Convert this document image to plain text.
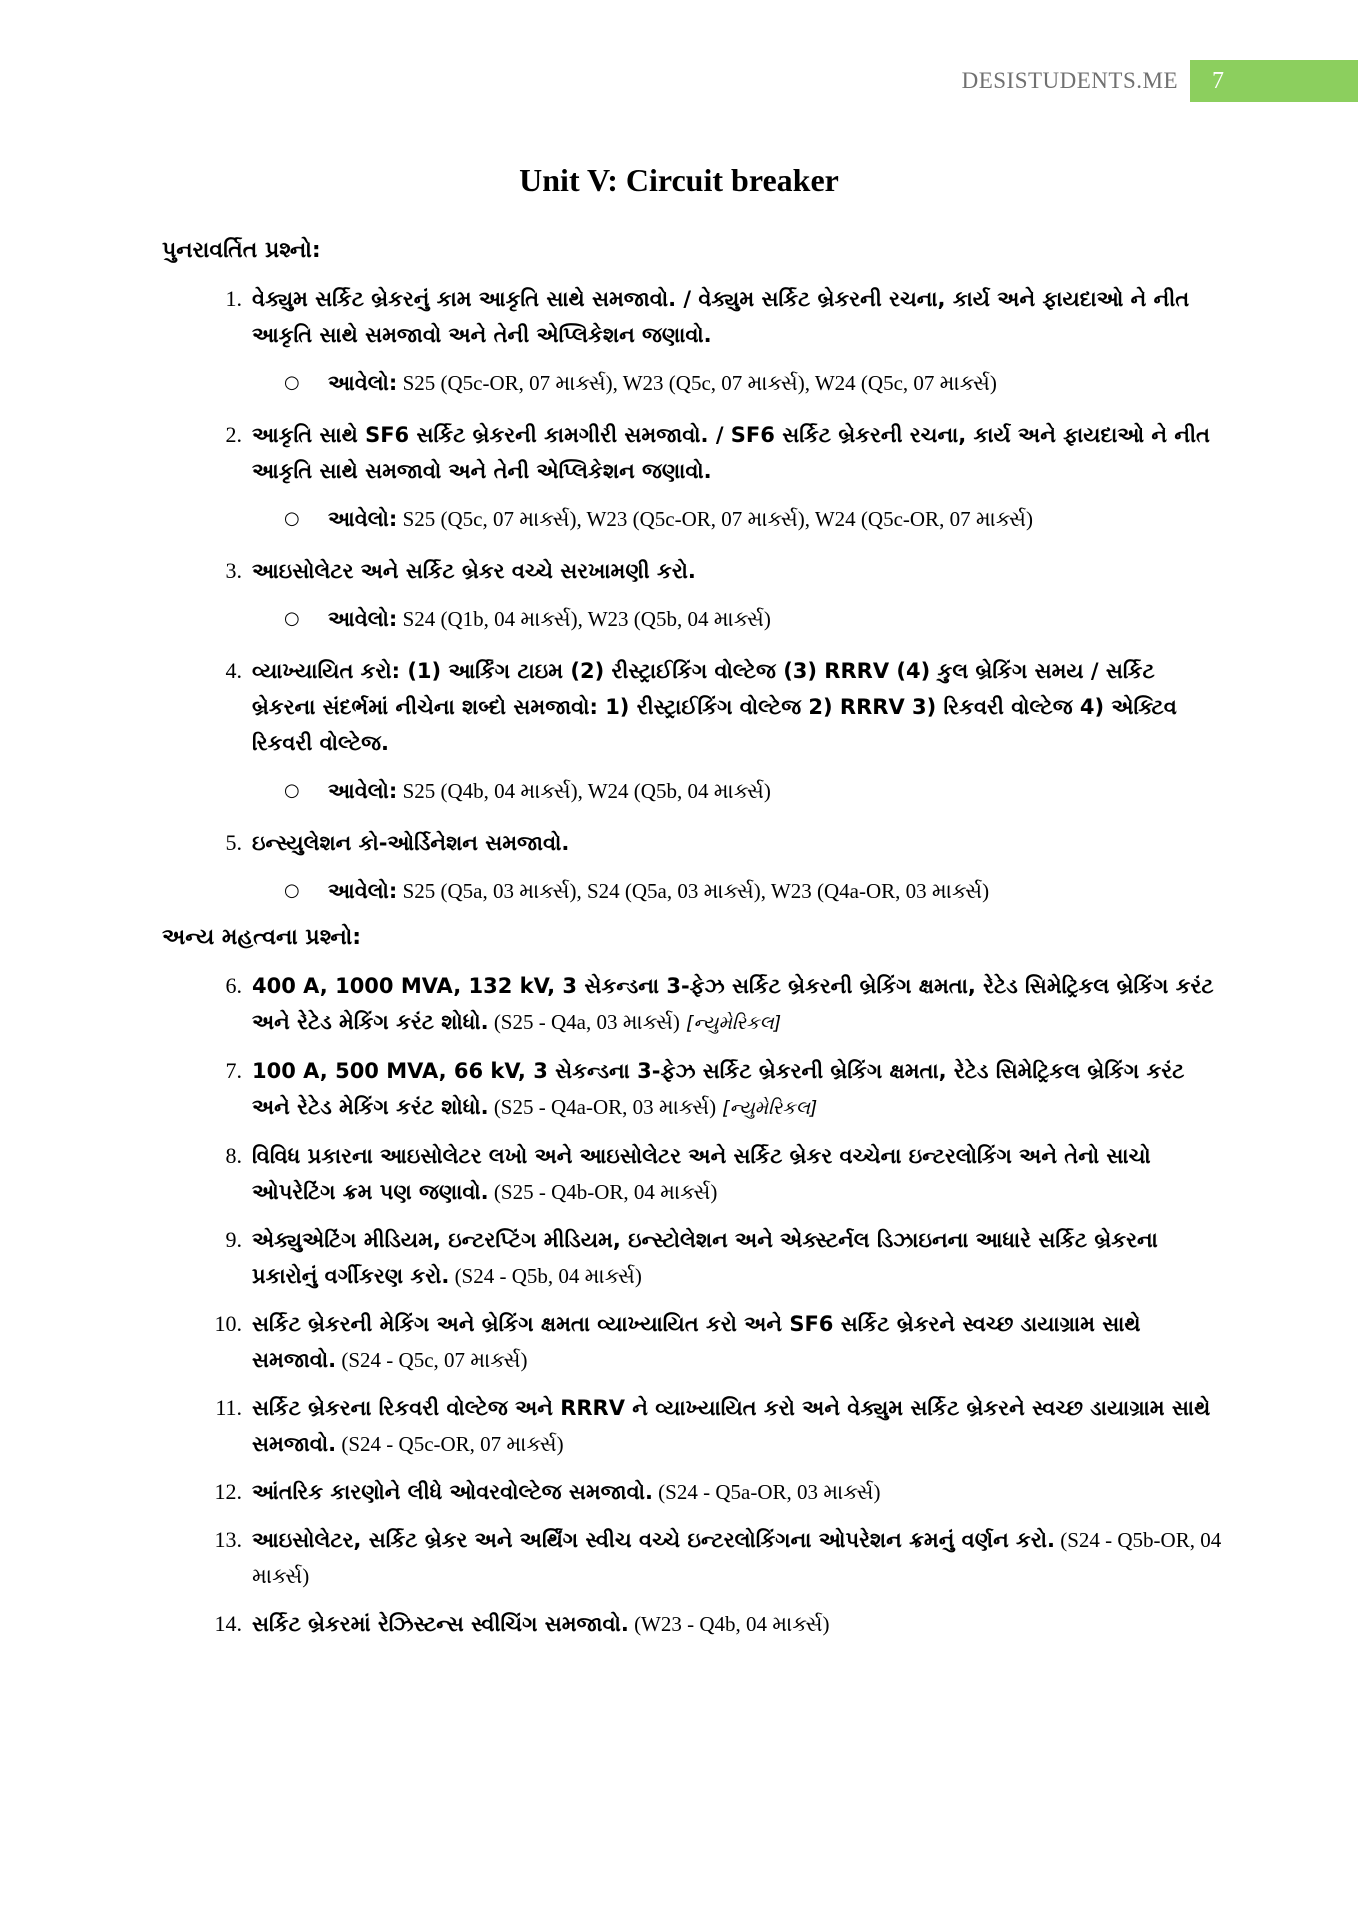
DESISTUDENTS.ME	7
Unit V: Circuit breaker
પુનરાવર્તિત પ્રશ્નો:
1. વેક્યુમ સર્કિટ બ્રેકરનું કામ આકૃતિ સાથે સમજાવો. / વેક્યુમ સર્કિટ બ્રેકરની રચના, કાર્ય અને ફાયદાઓ ને નીત આકૃતિ સાથે સમજાવો અને તેની એપ્લિકેશન જણાવો.
○	આવેલો: S25 (Q5c-OR, 07 માર્ક્સ), W23 (Q5c, 07 માર્ક્સ), W24 (Q5c, 07 માર્ક્સ)
2. આકૃતિ સાથે SF6 સર્કિટ બ્રેકરની કામગીરી સમજાવો. / SF6 સર્કિટ બ્રેકરની રચના, કાર્ય અને ફાયદાઓ ને નીત આકૃતિ સાથે સમજાવો અને તેની એપ્લિકેશન જણાવો.
○	આવેલો: S25 (Q5c, 07 માર્ક્સ), W23 (Q5c-OR, 07 માર્ક્સ), W24 (Q5c-OR, 07 માર્ક્સ)
3. આઇસોલેટર અને સર્કિટ બ્રેકર વચ્ચે સરખામણી કરો.
○	આવેલો: S24 (Q1b, 04 માર્ક્સ), W23 (Q5b, 04 માર્ક્સ)
4. વ્યાખ્યાયિત કરો: (1) આર્કિંગ ટાઇમ (2) રીસ્ટ્રાઈકિંગ વોલ્ટેજ (3) RRRV (4) કુલ બ્રેકિંગ સમય / સર્કિટ બ્રેકરના સંદર્ભમાં નીચેના શબ્દો સમજાવો: 1) રીસ્ટ્રાઈકિંગ વોલ્ટેજ 2) RRRV 3) રિકવરી વોલ્ટેજ 4) એક્ટિવ રિકવરી વોલ્ટેજ.
○	આવેલો: S25 (Q4b, 04 માર્ક્સ), W24 (Q5b, 04 માર્ક્સ)
5. ઇન્સ્યુલેશન કો-ઓર્ડિનેશન સમજાવો.
○	આવેલો: S25 (Q5a, 03 માર્ક્સ), S24 (Q5a, 03 માર્ક્સ), W23 (Q4a-OR, 03 માર્ક્સ)
અન્ય મહત્વના પ્રશ્નો:
6. 400 A, 1000 MVA, 132 kV, 3 સેકન્ડના 3-ફેઝ સર્કિટ બ્રેકરની બ્રેકિંગ ક્ષમતા, રેટેડ સિમેટ્રિકલ બ્રેકિંગ કરંટ અને રેટેડ મેકિંગ કરંટ શોધો. (S25 - Q4a, 03 માર્ક્સ) [ન્યુમેરિકલ]
7. 100 A, 500 MVA, 66 kV, 3 સેકન્ડના 3-ફેઝ સર્કિટ બ્રેકરની બ્રેકિંગ ક્ષમતા, રેટેડ સિમેટ્રિકલ બ્રેકિંગ કરંટ અને રેટેડ મેકિંગ કરંટ શોધો. (S25 - Q4a-OR, 03 માર્ક્સ) [ન્યુમેરિકલ]
8. વિવિધ પ્રકારના આઇસોલેટર લખો અને આઇસોલેટર અને સર્કિટ બ્રેકર વચ્ચેના ઇન્ટરલોકિંગ અને તેનો સાચો ઓપરેટિંગ ક્રમ પણ જણાવો. (S25 - Q4b-OR, 04 માર્ક્સ)
9. એક્યુએટિંગ મીડિયમ, ઇન્ટરપ્ટિંગ મીડિયમ, ઇન્સ્ટોલેશન અને એક્સ્ટર્નલ ડિઝાઇનના આધારે સર્કિટ બ્રેકરના પ્રકારોનું વર્ગીકરણ કરો. (S24 - Q5b, 04 માર્ક્સ)
10. સર્કિટ બ્રેકરની મેકિંગ અને બ્રેકિંગ ક્ષમતા વ્યાખ્યાયિત કરો અને SF6 સર્કિટ બ્રેકરને સ્વચ્છ ડાયાગ્રામ સાથે સમજાવો. (S24 - Q5c, 07 માર્ક્સ)
11. સર્કિટ બ્રેકરના રિકવરી વોલ્ટેજ અને RRRV ને વ્યાખ્યાયિત કરો અને વેક્યુમ સર્કિટ બ્રેકરને સ્વચ્છ ડાયાગ્રામ સાથે સમજાવો. (S24 - Q5c-OR, 07 માર્ક્સ)
12. આંતરિક કારણોને લીધે ઓવરવોલ્ટેજ સમજાવો. (S24 - Q5a-OR, 03 માર્ક્સ)
13. આઇસોલેટર, સર્કિટ બ્રેકર અને અર્થિંગ સ્વીચ વચ્ચે ઇન્ટરલોકિંગના ઓપરેશન ક્રમનું વર્ણન કરો. (S24 - Q5b-OR, 04 માર્ક્સ)
14. સર્કિટ બ્રેકરમાં રેઝિસ્ટન્સ સ્વીચિંગ સમજાવો. (W23 - Q4b, 04 માર્ક્સ)
